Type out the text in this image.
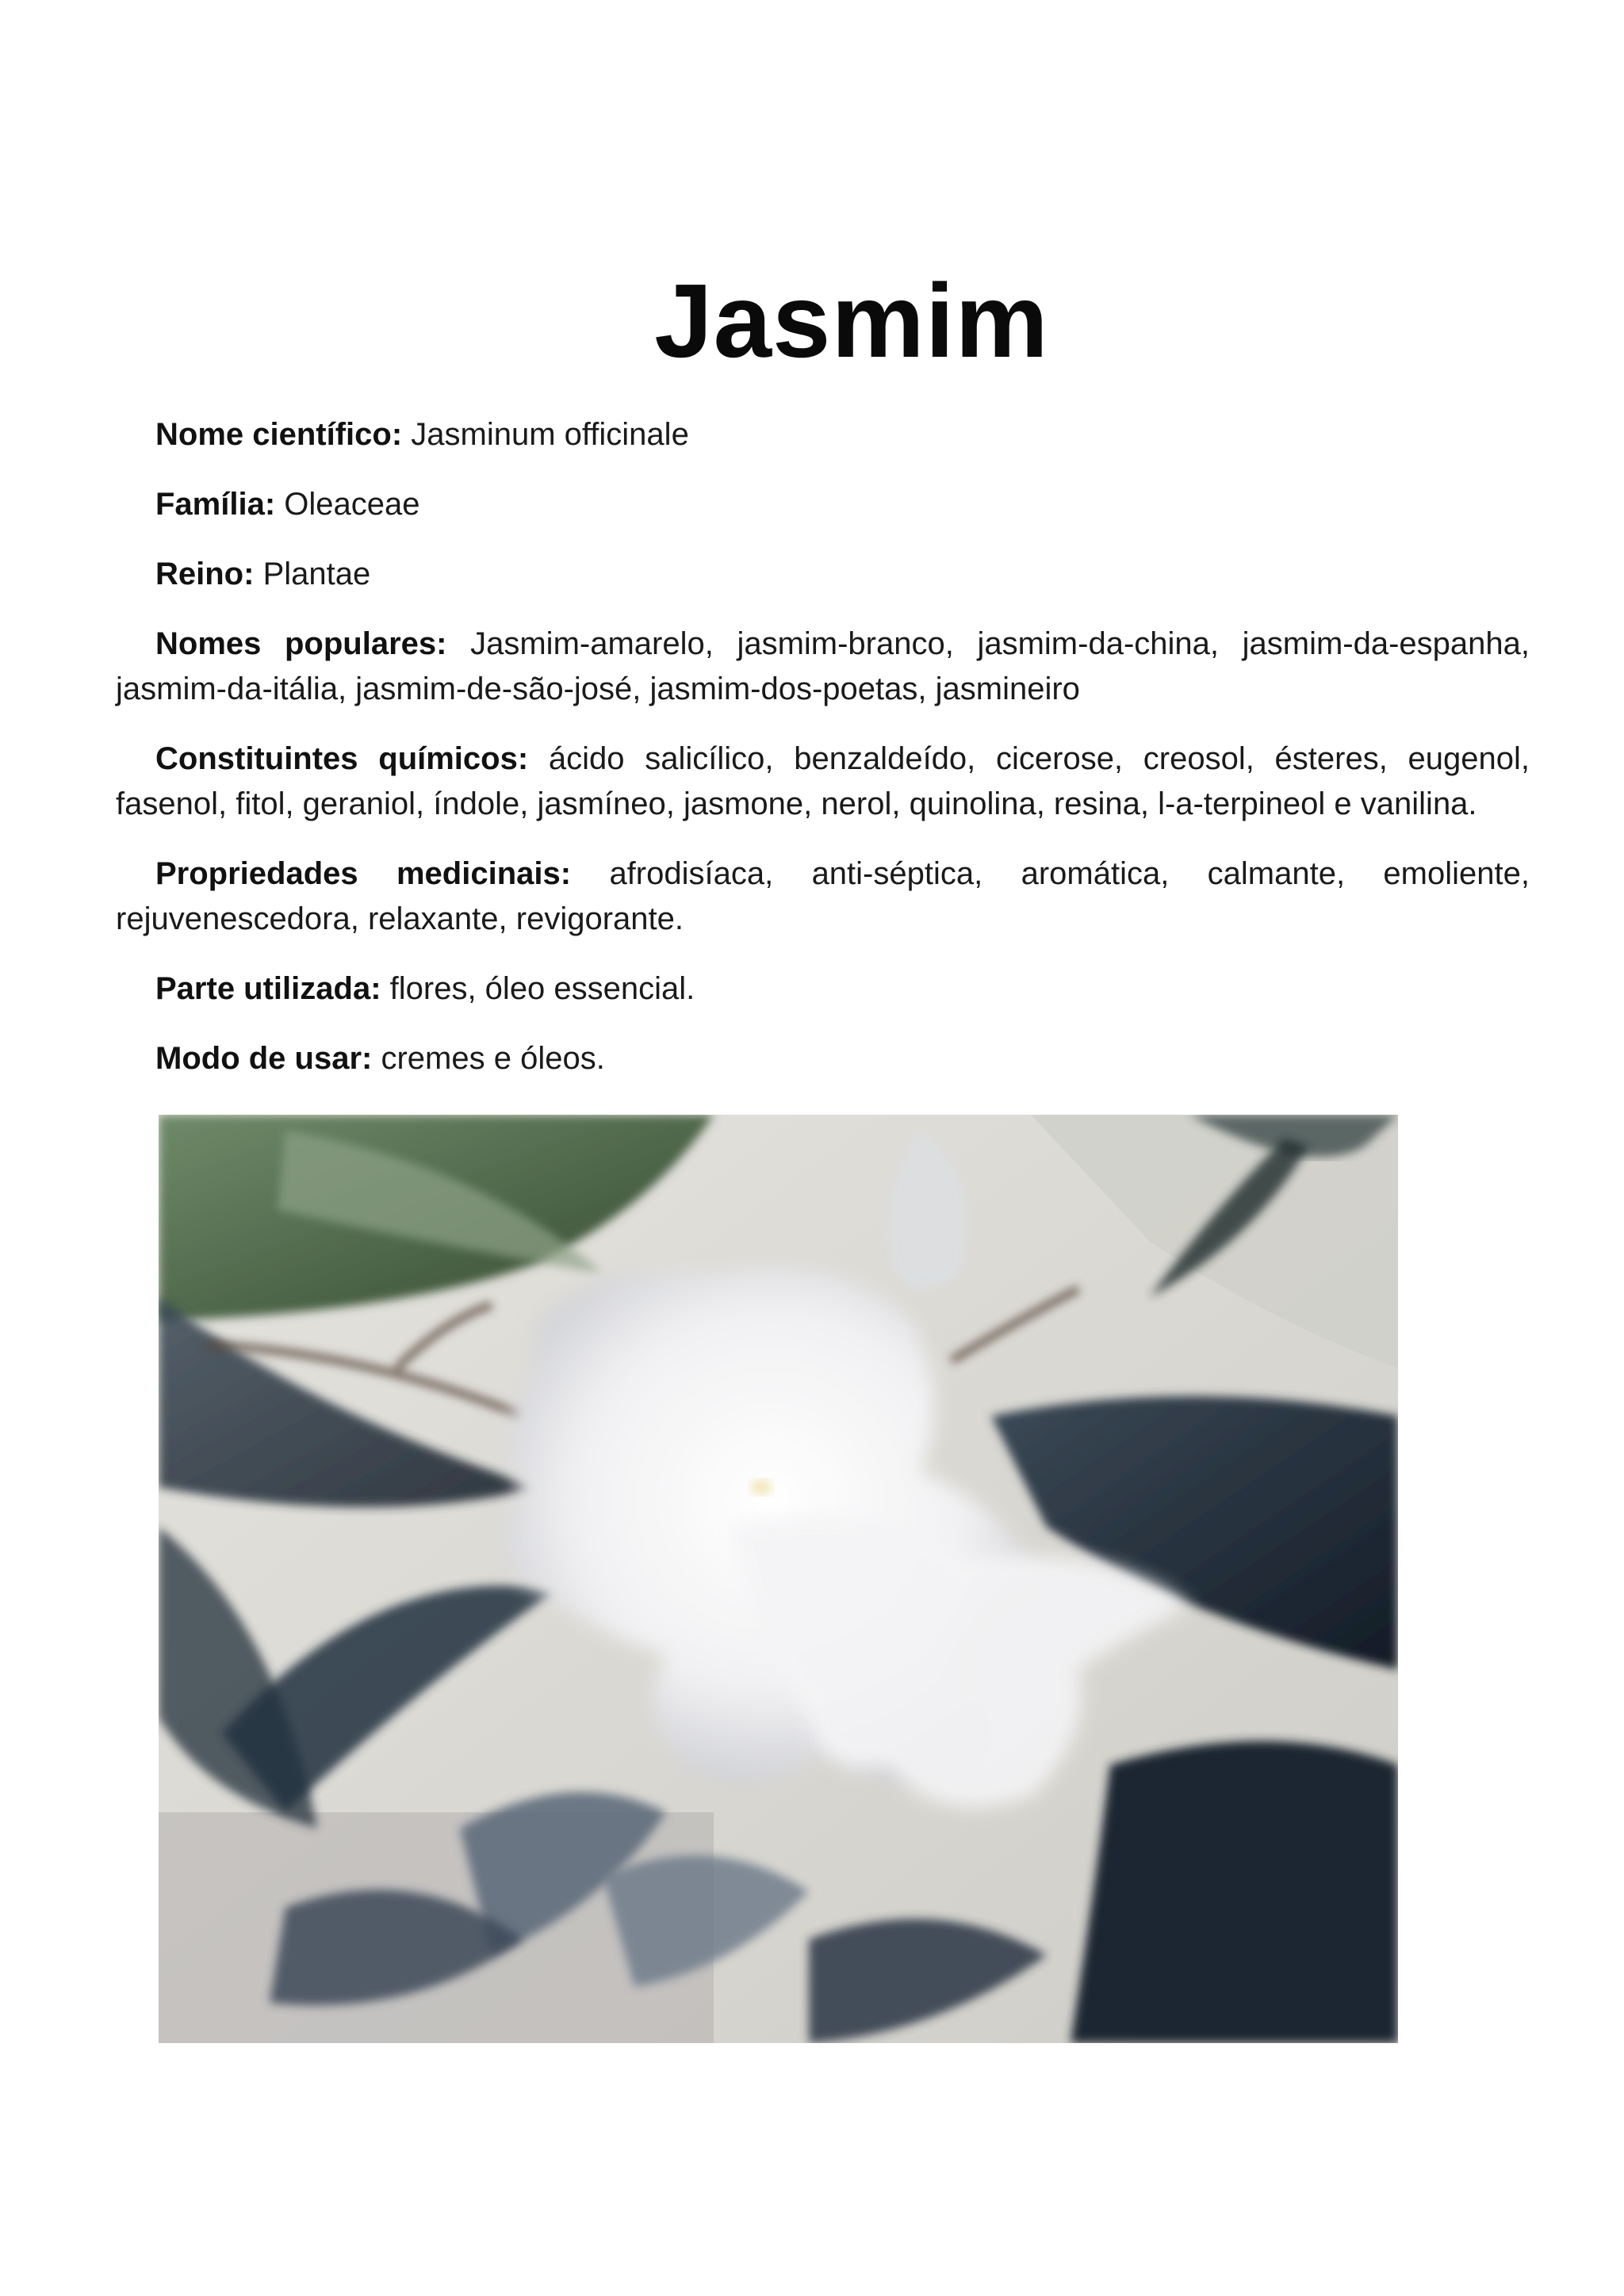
Jasmim

Nome científico: Jasminum officinale

Família: Oleaceae

Reino: Plantae

Nomes populares: Jasmim-amarelo, jasmim-branco, jasmim-da-china, jasmim-da-espanha, jasmim-da-itália, jasmim-de-são-josé, jasmim-dos-poetas, jasmineiro

Constituintes químicos: ácido salicílico, benzaldeído, cicerose, creosol, ésteres, eugenol, fasenol, fitol, geraniol, índole, jasmíneo, jasmone, nerol, quinolina, resina, l-a-terpineol e vanilina.

Propriedades medicinais: afrodisíaca, anti-séptica, aromática, calmante, emoliente, rejuvenescedora, relaxante, revigorante.

Parte utilizada: flores, óleo essencial.

Modo de usar: cremes e óleos.
